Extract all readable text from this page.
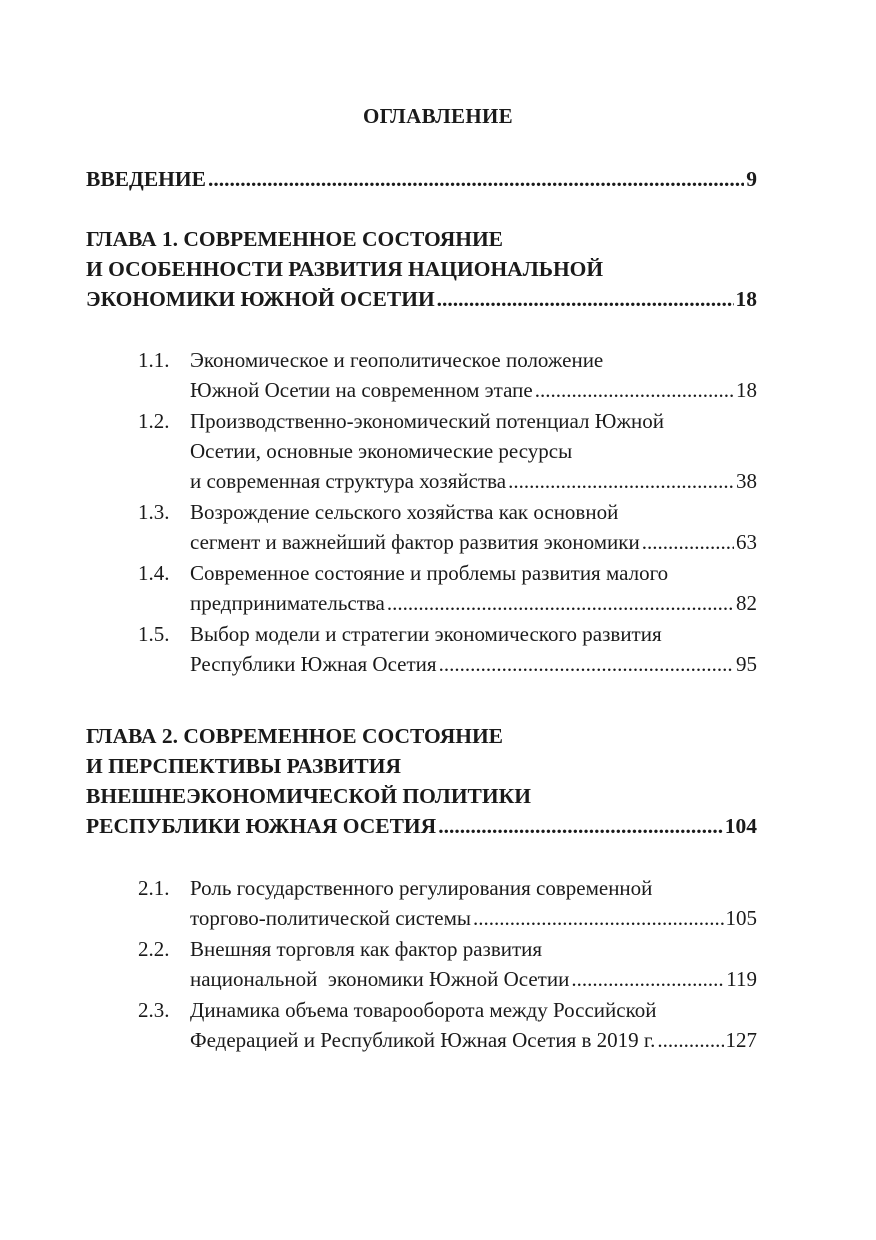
ОГЛАВЛЕНИЕ
ВВЕДЕНИЕ .....	9
ГЛАВА 1. СОВРЕМЕННОЕ СОСТОЯНИЕ
И ОСОБЕННОСТИ РАЗВИТИЯ НАЦИОНАЛЬНОЙ
ЭКОНОМИКИ ЮЖНОЙ ОСЕТИИ .....	18
1.1. Экономическое и геополитическое положение
Южной Осетии на современном этапе .....	18
1.2. Производственно-экономический потенциал Южной
Осетии, основные экономические ресурсы
и современная структура хозяйства .....	38
1.3. Возрождение сельского хозяйства как основной
сегмент и важнейший фактор развития экономики .....	63
1.4. Современное состояние и проблемы развития малого
предпринимательства .....	82
1.5. Выбор модели и стратегии экономического развития
Республики Южная Осетия .....	95
ГЛАВА 2. СОВРЕМЕННОЕ СОСТОЯНИЕ
И ПЕРСПЕКТИВЫ РАЗВИТИЯ
ВНЕШНЕЭКОНОМИЧЕСКОЙ ПОЛИТИКИ
РЕСПУБЛИКИ ЮЖНАЯ ОСЕТИЯ .....	104
2.1. Роль государственного регулирования современной
торгово-политической системы .....	105
2.2. Внешняя торговля как фактор развития
национальной  экономики Южной Осетии .....	119
2.3. Динамика объема товарооборота между Российской
Федерацией и Республикой Южная Осетия в 2019 г. .....	127
